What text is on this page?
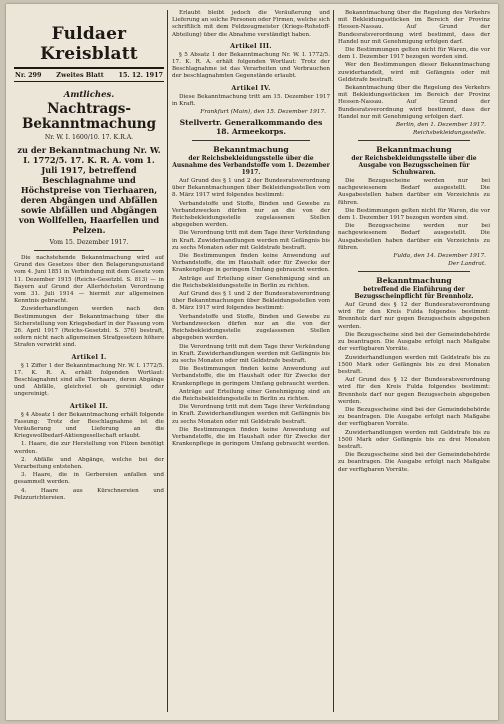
Fuldaer Kreisblatt
Nr. 299 Zweites Blatt 15. 12. 1917
Amtliches.
Nachtrags-
Bekanntmachung
Nr. W. I. 1600/10. 17. K.R.A.
zu der Bekanntmachung Nr. W. I. 1772/5. 17. K. R. A. vom 1. Juli 1917, betreffend Beschlagnahme und Höchstpreise von Tierhaaren, deren Abgängen und Abfällen sowie Abfällen und Abgängen von Wollfellen, Haarfellen und Pelzen.
Vom 15. Dezember 1917.

Die nachstehende Bekanntmachung wird auf Grund des Gesetzes über den Belagerungszustand vom 4. Juni 1851 in Verbindung mit dem Gesetz vom 11. Dezember 1915 (Reichs-Gesetzbl. S. 813) — in Bayern auf Grund der Allerhöchsten Verordnung vom 31. Juli 1914 — hiermit zur allgemeinen Kenntnis gebracht.

Zuwiderhandlungen werden nach den Bestimmungen der Bekanntmachung über die Sicherstellung von Kriegsbedarf in der Fassung vom 26. April 1917 (Reichs-Gesetzbl. S. 376) bestraft, sofern nicht nach allgemeinen Strafgesetzen höhere Strafen verwirkt sind.

Artikel I.

§ 1 Ziffer 1 der Bekanntmachung Nr. W. I. 1772/5. 17. K. R. A. erhält folgenden Wortlaut: Beschlagnahmt sind alle Tierhaare, deren Abgänge und Abfälle, gleichviel ob gereinigt oder ungereinigt.

Artikel II.

§ 4 Absatz 1 der Bekanntmachung erhält folgende Fassung: Trotz der Beschlagnahme ist die Veräußerung und Lieferung an die Kriegswollbedarf-Aktiengesellschaft erlaubt.

1. Haare, die zur Herstellung von Filzen benötigt werden.

2. Abfälle und Abgänge, welche bei der Verarbeitung entstehen.

3. Haare, die in Gerbereien anfallen und gesammelt werden.

4. Haare aus Kürschnereien und Pelzzurichtereien.

Erlaubt bleibt jedoch die Veräußerung und Lieferung an solche Personen oder Firmen, welche sich schriftlich mit dem Feldzeugmeister (Kriegs-Rohstoff-Abteilung) über die Abnahme verständigt haben.

Artikel III.

§ 5 Absatz 1 der Bekanntmachung Nr. W. I. 1772/5. 17. K. R. A. erhält folgenden Wortlaut: Trotz der Beschlagnahme ist das Verarbeiten und Verbrauchen der beschlagnahmten Gegenstände erlaubt.

Artikel IV.

Diese Bekanntmachung tritt am 15. Dezember 1917 in Kraft.

Frankfurt (Main), den 15. Dezember 1917.
Stellvertr. Generalkommando des 18. Armeekorps.
Bekanntmachung
der Reichsbekleidungsstelle über die Ausnahme des Verbandstoffe vom 1. Dezember 1917.

Auf Grund des § 1 und 2 der Bundesratsverordnung über Bekanntmachungen über Bekleidungsstellen vom 8. März 1917 wird folgendes bestimmt:

Verbandstoffe und Stoffe, Binden und Gewebe zu Verbandzwecken dürfen nur an die von der Reichsbekleidungsstelle zugelassenen Stellen abgegeben werden.

Die Verordnung tritt mit dem Tage ihrer Verkündung in Kraft. Zuwiderhandlungen werden mit Gefängnis bis zu sechs Monaten oder mit Geldstrafe bestraft.

Die Bestimmungen finden keine Anwendung auf Verbandstoffe, die im Haushalt oder für Zwecke der Krankenpflege in geringem Umfang gebraucht werden.

Anträge auf Erteilung einer Genehmigung sind an die Reichsbekleidungsstelle in Berlin zu richten.

Auf Grund des § 1 und 2 der Bundesratsverordnung über Bekanntmachungen über Bekleidungsstellen vom 8. März 1917 wird folgendes bestimmt:

Verbandstoffe und Stoffe, Binden und Gewebe zu Verbandzwecken dürfen nur an die von der Reichsbekleidungsstelle zugelassenen Stellen abgegeben werden.

Die Verordnung tritt mit dem Tage ihrer Verkündung in Kraft. Zuwiderhandlungen werden mit Gefängnis bis zu sechs Monaten oder mit Geldstrafe bestraft.

Die Bestimmungen finden keine Anwendung auf Verbandstoffe, die im Haushalt oder für Zwecke der Krankenpflege in geringem Umfang gebraucht werden.

Anträge auf Erteilung einer Genehmigung sind an die Reichsbekleidungsstelle in Berlin zu richten.

Die Verordnung tritt mit dem Tage ihrer Verkündung in Kraft. Zuwiderhandlungen werden mit Gefängnis bis zu sechs Monaten oder mit Geldstrafe bestraft.

Die Bestimmungen finden keine Anwendung auf Verbandstoffe, die im Haushalt oder für Zwecke der Krankenpflege in geringem Umfang gebraucht werden.

Bekanntmachung über die Regelung des Verkehrs mit Bekleidungsstücken im Bereich der Provinz Hessen-Nassau. Auf Grund der Bundesratsverordnung wird bestimmt, dass der Handel nur mit Genehmigung erfolgen darf.

Die Bestimmungen gelten nicht für Waren, die vor dem 1. Dezember 1917 bezogen worden sind.

Wer den Bestimmungen dieser Bekanntmachung zuwiderhandelt, wird mit Gefängnis oder mit Geldstrafe bestraft.

Bekanntmachung über die Regelung des Verkehrs mit Bekleidungsstücken im Bereich der Provinz Hessen-Nassau. Auf Grund der Bundesratsverordnung wird bestimmt, dass der Handel nur mit Genehmigung erfolgen darf.

Berlin, den 1. Dezember 1917.
Reichsbekleidungsstelle.
Bekanntmachung
der Reichsbekleidungsstelle über die Ausgabe von Bezugsscheinen für Schuhwaren.

Die Bezugsscheine werden nur bei nachgewiesenem Bedarf ausgestellt. Die Ausgabestellen haben darüber ein Verzeichnis zu führen.

Die Bestimmungen gelten nicht für Waren, die vor dem 1. Dezember 1917 bezogen worden sind.

Die Bezugsscheine werden nur bei nachgewiesenem Bedarf ausgestellt. Die Ausgabestellen haben darüber ein Verzeichnis zu führen.

Fulda, den 14. Dezember 1917.
Der Landrat.
Bekanntmachung
betreffend die Einführung der Bezugsscheinpflicht für Brennholz.

Auf Grund des § 12 der Bundesratsverordnung wird für den Kreis Fulda folgendes bestimmt: Brennholz darf nur gegen Bezugsschein abgegeben werden.

Die Bezugsscheine sind bei der Gemeindebehörde zu beantragen. Die Ausgabe erfolgt nach Maßgabe der verfügbaren Vorräte.

Zuwiderhandlungen werden mit Geldstrafe bis zu 1500 Mark oder Gefängnis bis zu drei Monaten bestraft.

Auf Grund des § 12 der Bundesratsverordnung wird für den Kreis Fulda folgendes bestimmt: Brennholz darf nur gegen Bezugsschein abgegeben werden.

Die Bezugsscheine sind bei der Gemeindebehörde zu beantragen. Die Ausgabe erfolgt nach Maßgabe der verfügbaren Vorräte.

Zuwiderhandlungen werden mit Geldstrafe bis zu 1500 Mark oder Gefängnis bis zu drei Monaten bestraft.

Die Bezugsscheine sind bei der Gemeindebehörde zu beantragen. Die Ausgabe erfolgt nach Maßgabe der verfügbaren Vorräte.
